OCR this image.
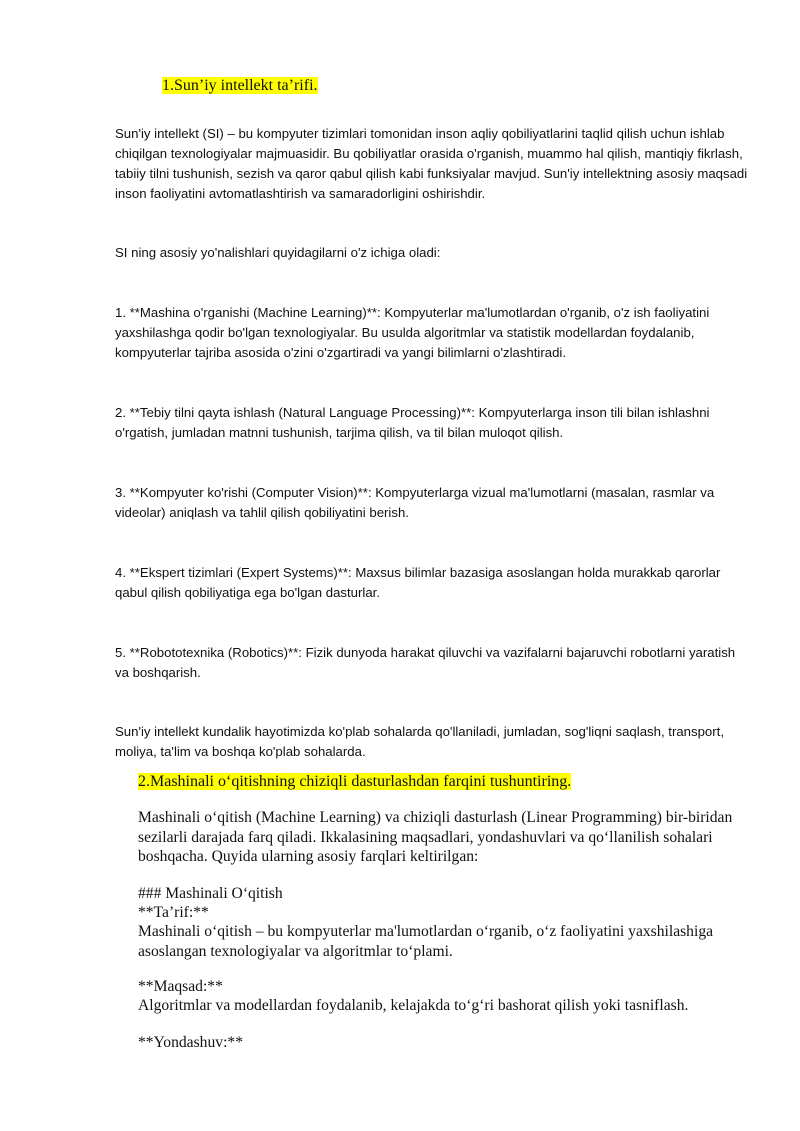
1.Sun’iy intellekt ta’rifi.

Sun'iy intellekt (SI) – bu kompyuter tizimlari tomonidan inson aqliy qobiliyatlarini taqlid qilish uchun ishlab chiqilgan texnologiyalar majmuasidir. Bu qobiliyatlar orasida o'rganish, muammo hal qilish, mantiqiy fikrlash, tabiiy tilni tushunish, sezish va qaror qabul qilish kabi funksiyalar mavjud. Sun'iy intellektning asosiy maqsadi inson faoliyatini avtomatlashtirish va samaradorligini oshirishdir.

SI ning asosiy yo'nalishlari quyidagilarni o'z ichiga oladi:

1. **Mashina o'rganishi (Machine Learning)**: Kompyuterlar ma'lumotlardan o'rganib, o'z ish faoliyatini yaxshilashga qodir bo'lgan texnologiyalar. Bu usulda algoritmlar va statistik modellardan foydalanib, kompyuterlar tajriba asosida o'zini o'zgartiradi va yangi bilimlarni o'zlashtiradi.

2. **Tebiy tilni qayta ishlash (Natural Language Processing)**: Kompyuterlarga inson tili bilan ishlashni o'rgatish, jumladan matnni tushunish, tarjima qilish, va til bilan muloqot qilish.

3. **Kompyuter ko'rishi (Computer Vision)**: Kompyuterlarga vizual ma'lumotlarni (masalan, rasmlar va videolar) aniqlash va tahlil qilish qobiliyatini berish.

4. **Ekspert tizimlari (Expert Systems)**: Maxsus bilimlar bazasiga asoslangan holda murakkab qarorlar qabul qilish qobiliyatiga ega bo'lgan dasturlar.

5. **Robototexnika (Robotics)**: Fizik dunyoda harakat qiluvchi va vazifalarni bajaruvchi robotlarni yaratish va boshqarish.

Sun'iy intellekt kundalik hayotimizda ko'plab sohalarda qo'llaniladi, jumladan, sog'liqni saqlash, transport, moliya, ta'lim va boshqa ko'plab sohalarda.

2.Mashinali o‘qitishning chiziqli dasturlashdan farqini tushuntiring.

Mashinali o‘qitish (Machine Learning) va chiziqli dasturlash (Linear Programming) bir-biridan sezilarli darajada farq qiladi. Ikkalasining maqsadlari, yondashuvlari va qo‘llanilish sohalari boshqacha. Quyida ularning asosiy farqlari keltirilgan:

### Mashinali O‘qitish

**Ta’rif:**

Mashinali o‘qitish – bu kompyuterlar ma'lumotlardan o‘rganib, o‘z faoliyatini yaxshilashiga asoslangan texnologiyalar va algoritmlar to‘plami.

**Maqsad:**

Algoritmlar va modellardan foydalanib, kelajakda to‘g‘ri bashorat qilish yoki tasniflash.

**Yondashuv:**
